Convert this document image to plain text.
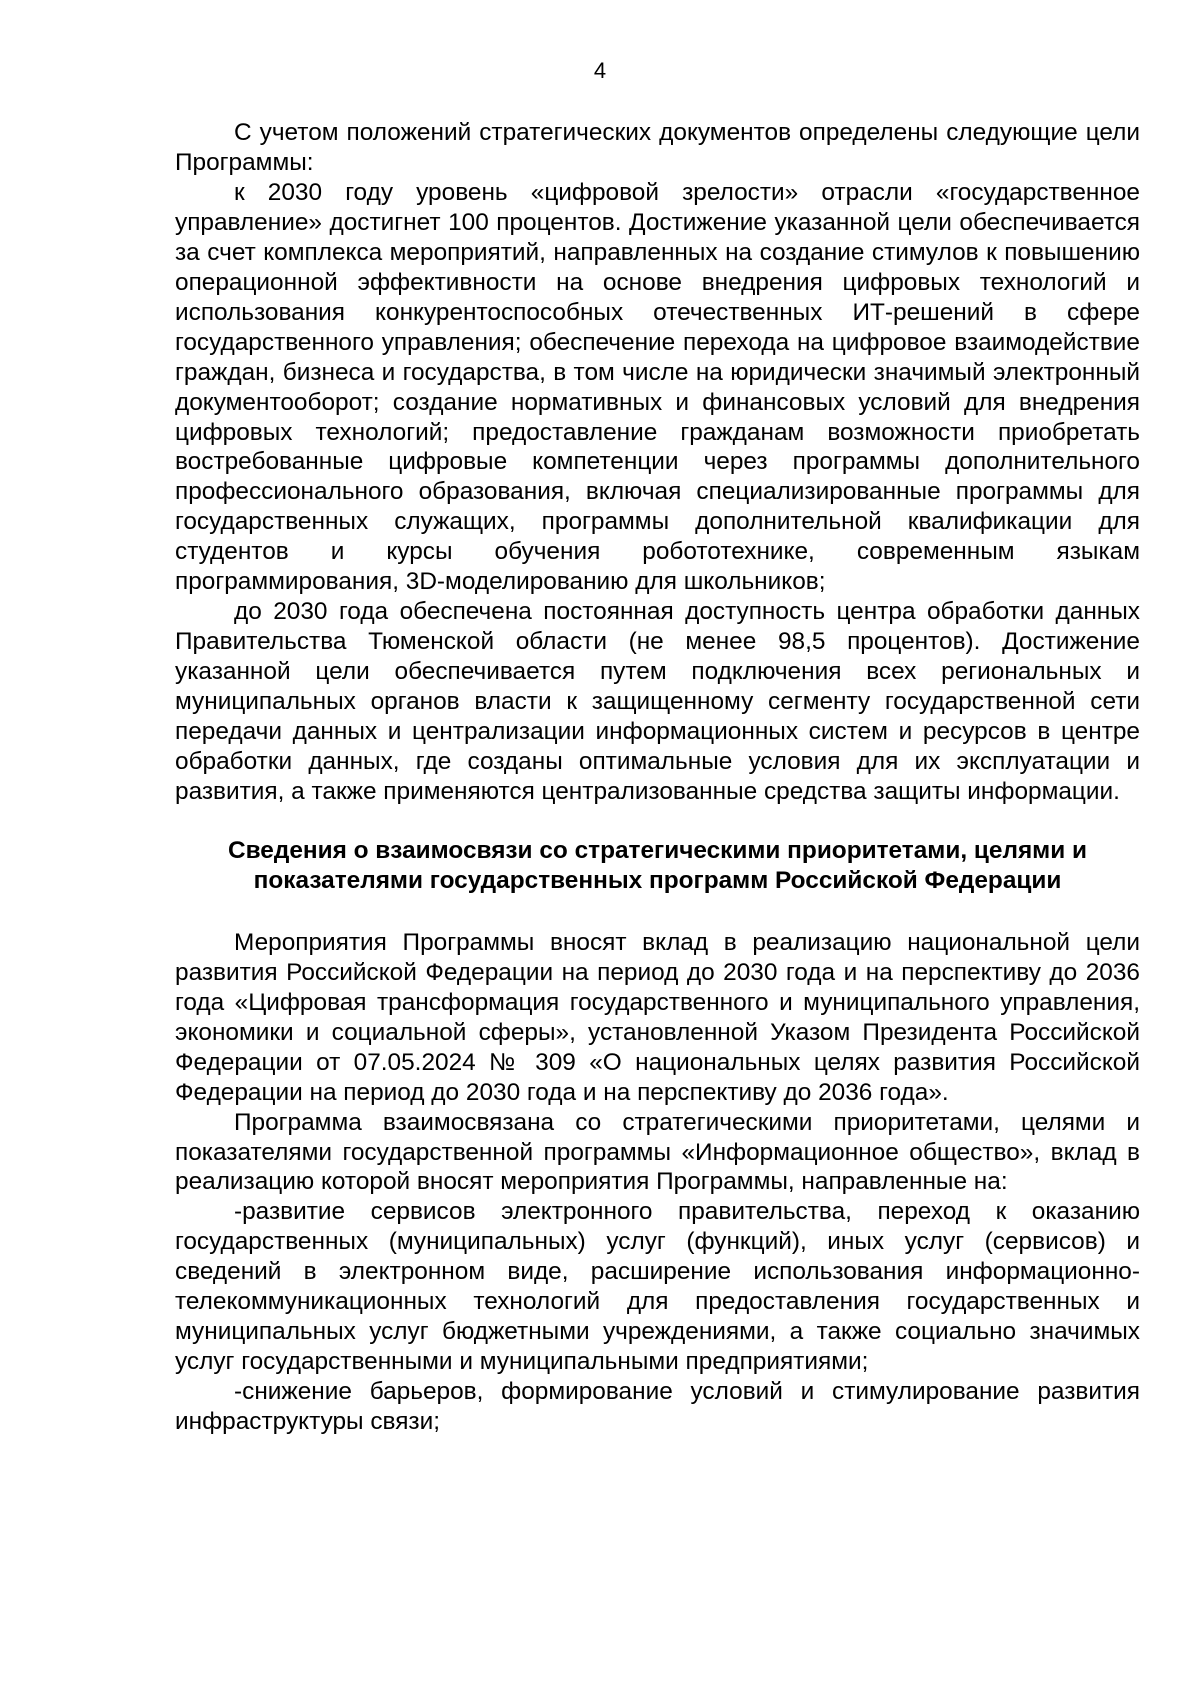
4

С учетом положений стратегических документов определены следующие цели Программы:

к 2030 году уровень «цифровой зрелости» отрасли «государственное управление» достигнет 100 процентов. Достижение указанной цели обеспечивается за счет комплекса мероприятий, направленных на создание стимулов к повышению операционной эффективности на основе внедрения цифровых технологий и использования конкурентоспособных отечественных ИТ-решений в сфере государственного управления; обеспечение перехода на цифровое взаимодействие граждан, бизнеса и государства, в том числе на юридически значимый электронный документооборот; создание нормативных и финансовых условий для внедрения цифровых технологий; предоставление гражданам возможности приобретать востребованные цифровые компетенции через программы дополнительного профессионального образования, включая специализированные программы для государственных служащих, программы дополнительной квалификации для студентов и курсы обучения робототехнике, современным языкам программирования, 3D-моделированию для школьников;

до 2030 года обеспечена постоянная доступность центра обработки данных Правительства Тюменской области (не менее 98,5 процентов). Достижение указанной цели обеспечивается путем подключения всех региональных и муниципальных органов власти к защищенному сегменту государственной сети передачи данных и централизации информационных систем и ресурсов в центре обработки данных, где созданы оптимальные условия для их эксплуатации и развития, а также применяются централизованные средства защиты информации.

Сведения о взаимосвязи со стратегическими приоритетами, целями и
показателями государственных программ Российской Федерации

Мероприятия Программы вносят вклад в реализацию национальной цели развития Российской Федерации на период до 2030 года и на перспективу до 2036 года «Цифровая трансформация государственного и муниципального управления, экономики и социальной сферы», установленной Указом Президента Российской Федерации от 07.05.2024 № 309 «О национальных целях развития Российской Федерации на период до 2030 года и на перспективу до 2036 года».

Программа взаимосвязана со стратегическими приоритетами, целями и показателями государственной программы «Информационное общество», вклад в реализацию которой вносят мероприятия Программы, направленные на:

-развитие сервисов электронного правительства, переход к оказанию государственных (муниципальных) услуг (функций), иных услуг (сервисов) и сведений в электронном виде, расширение использования информационно-телекоммуникационных технологий для предоставления государственных и муниципальных услуг бюджетными учреждениями, а также социально значимых услуг государственными и муниципальными предприятиями;

-снижение барьеров, формирование условий и стимулирование развития инфраструктуры связи;
